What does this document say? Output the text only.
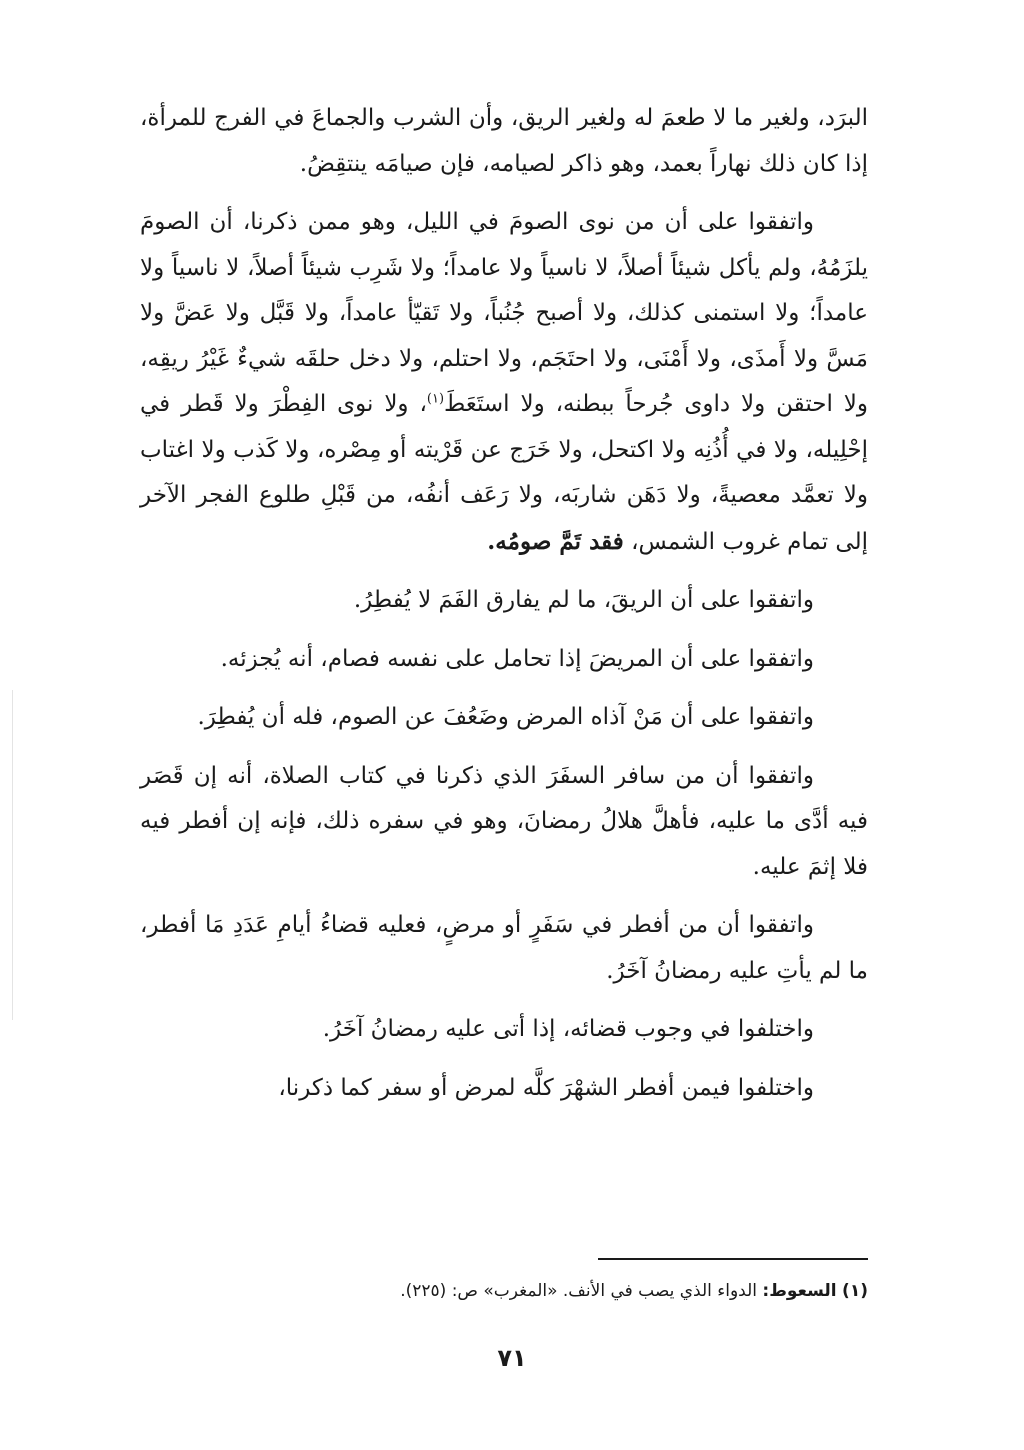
البرَد، ولغير ما لا طعمَ له ولغير الريق، وأن الشرب والجماعَ في الفرج للمرأة، إذا كان ذلك نهاراً بعمد، وهو ذاكر لصيامه، فإن صيامَه ينتقِضُ.

واتفقوا على أن من نوى الصومَ في الليل، وهو ممن ذكرنا، أن الصومَ يلزَمُهُ، ولم يأكل شيئاً أصلاً، لا ناسياً ولا عامداً؛ ولا شَرِب شيئاً أصلاً، لا ناسياً ولا عامداً؛ ولا استمنى كذلك، ولا أصبح جُنُباً، ولا تَقيّأ عامداً، ولا قَبَّل ولا عَضَّ ولا مَسَّ ولا أَمذَى، ولا أَمْنَى، ولا احتَجَم، ولا احتلم، ولا دخل حلقَه شيءٌ غَيْرُ ريقِه، ولا احتقن ولا داوى جُرحاً ببطنه، ولا استَعَطَ$^{(١)}$، ولا نوى الفِطْرَ ولا قَطر في إحْلِيله، ولا في أُذُنِه ولا اكتحل، ولا خَرَج عن قَرْيته أو مِصْره، ولا كَذب ولا اغتاب ولا تعمَّد معصيةً، ولا دَهَن شاربَه، ولا رَعَف أنفُه، من قَبْلِ طلوع الفجر الآخر إلى تمام غروب الشمس، فقد تَمَّ صومُه.

واتفقوا على أن الريقَ، ما لم يفارق الفَمَ لا يُفطِرُ.

واتفقوا على أن المريضَ إذا تحامل على نفسه فصام، أنه يُجزئه.

واتفقوا على أن مَنْ آذاه المرض وضَعُفَ عن الصوم، فله أن يُفطِرَ.

واتفقوا أن من سافر السفَرَ الذي ذكرنا في كتاب الصلاة، أنه إن قَصَر فيه أدَّى ما عليه، فأهلَّ هلالُ رمضانَ، وهو في سفره ذلك، فإنه إن أفطر فيه فلا إثمَ عليه.

واتفقوا أن من أفطر في سَفَرٍ أو مرضٍ، فعليه قضاءُ أيامِ عَدَدِ مَا أفطر، ما لم يأتِ عليه رمضانُ آخَرُ.

واختلفوا في وجوب قضائه، إذا أتى عليه رمضانُ آخَرُ.

واختلفوا فيمن أفطر الشهْرَ كلَّه لمرض أو سفر كما ذكرنا،

(١) السعوط: الدواء الذي يصب في الأنف. «المغرب» ص: (٢٢٥).
٧١
